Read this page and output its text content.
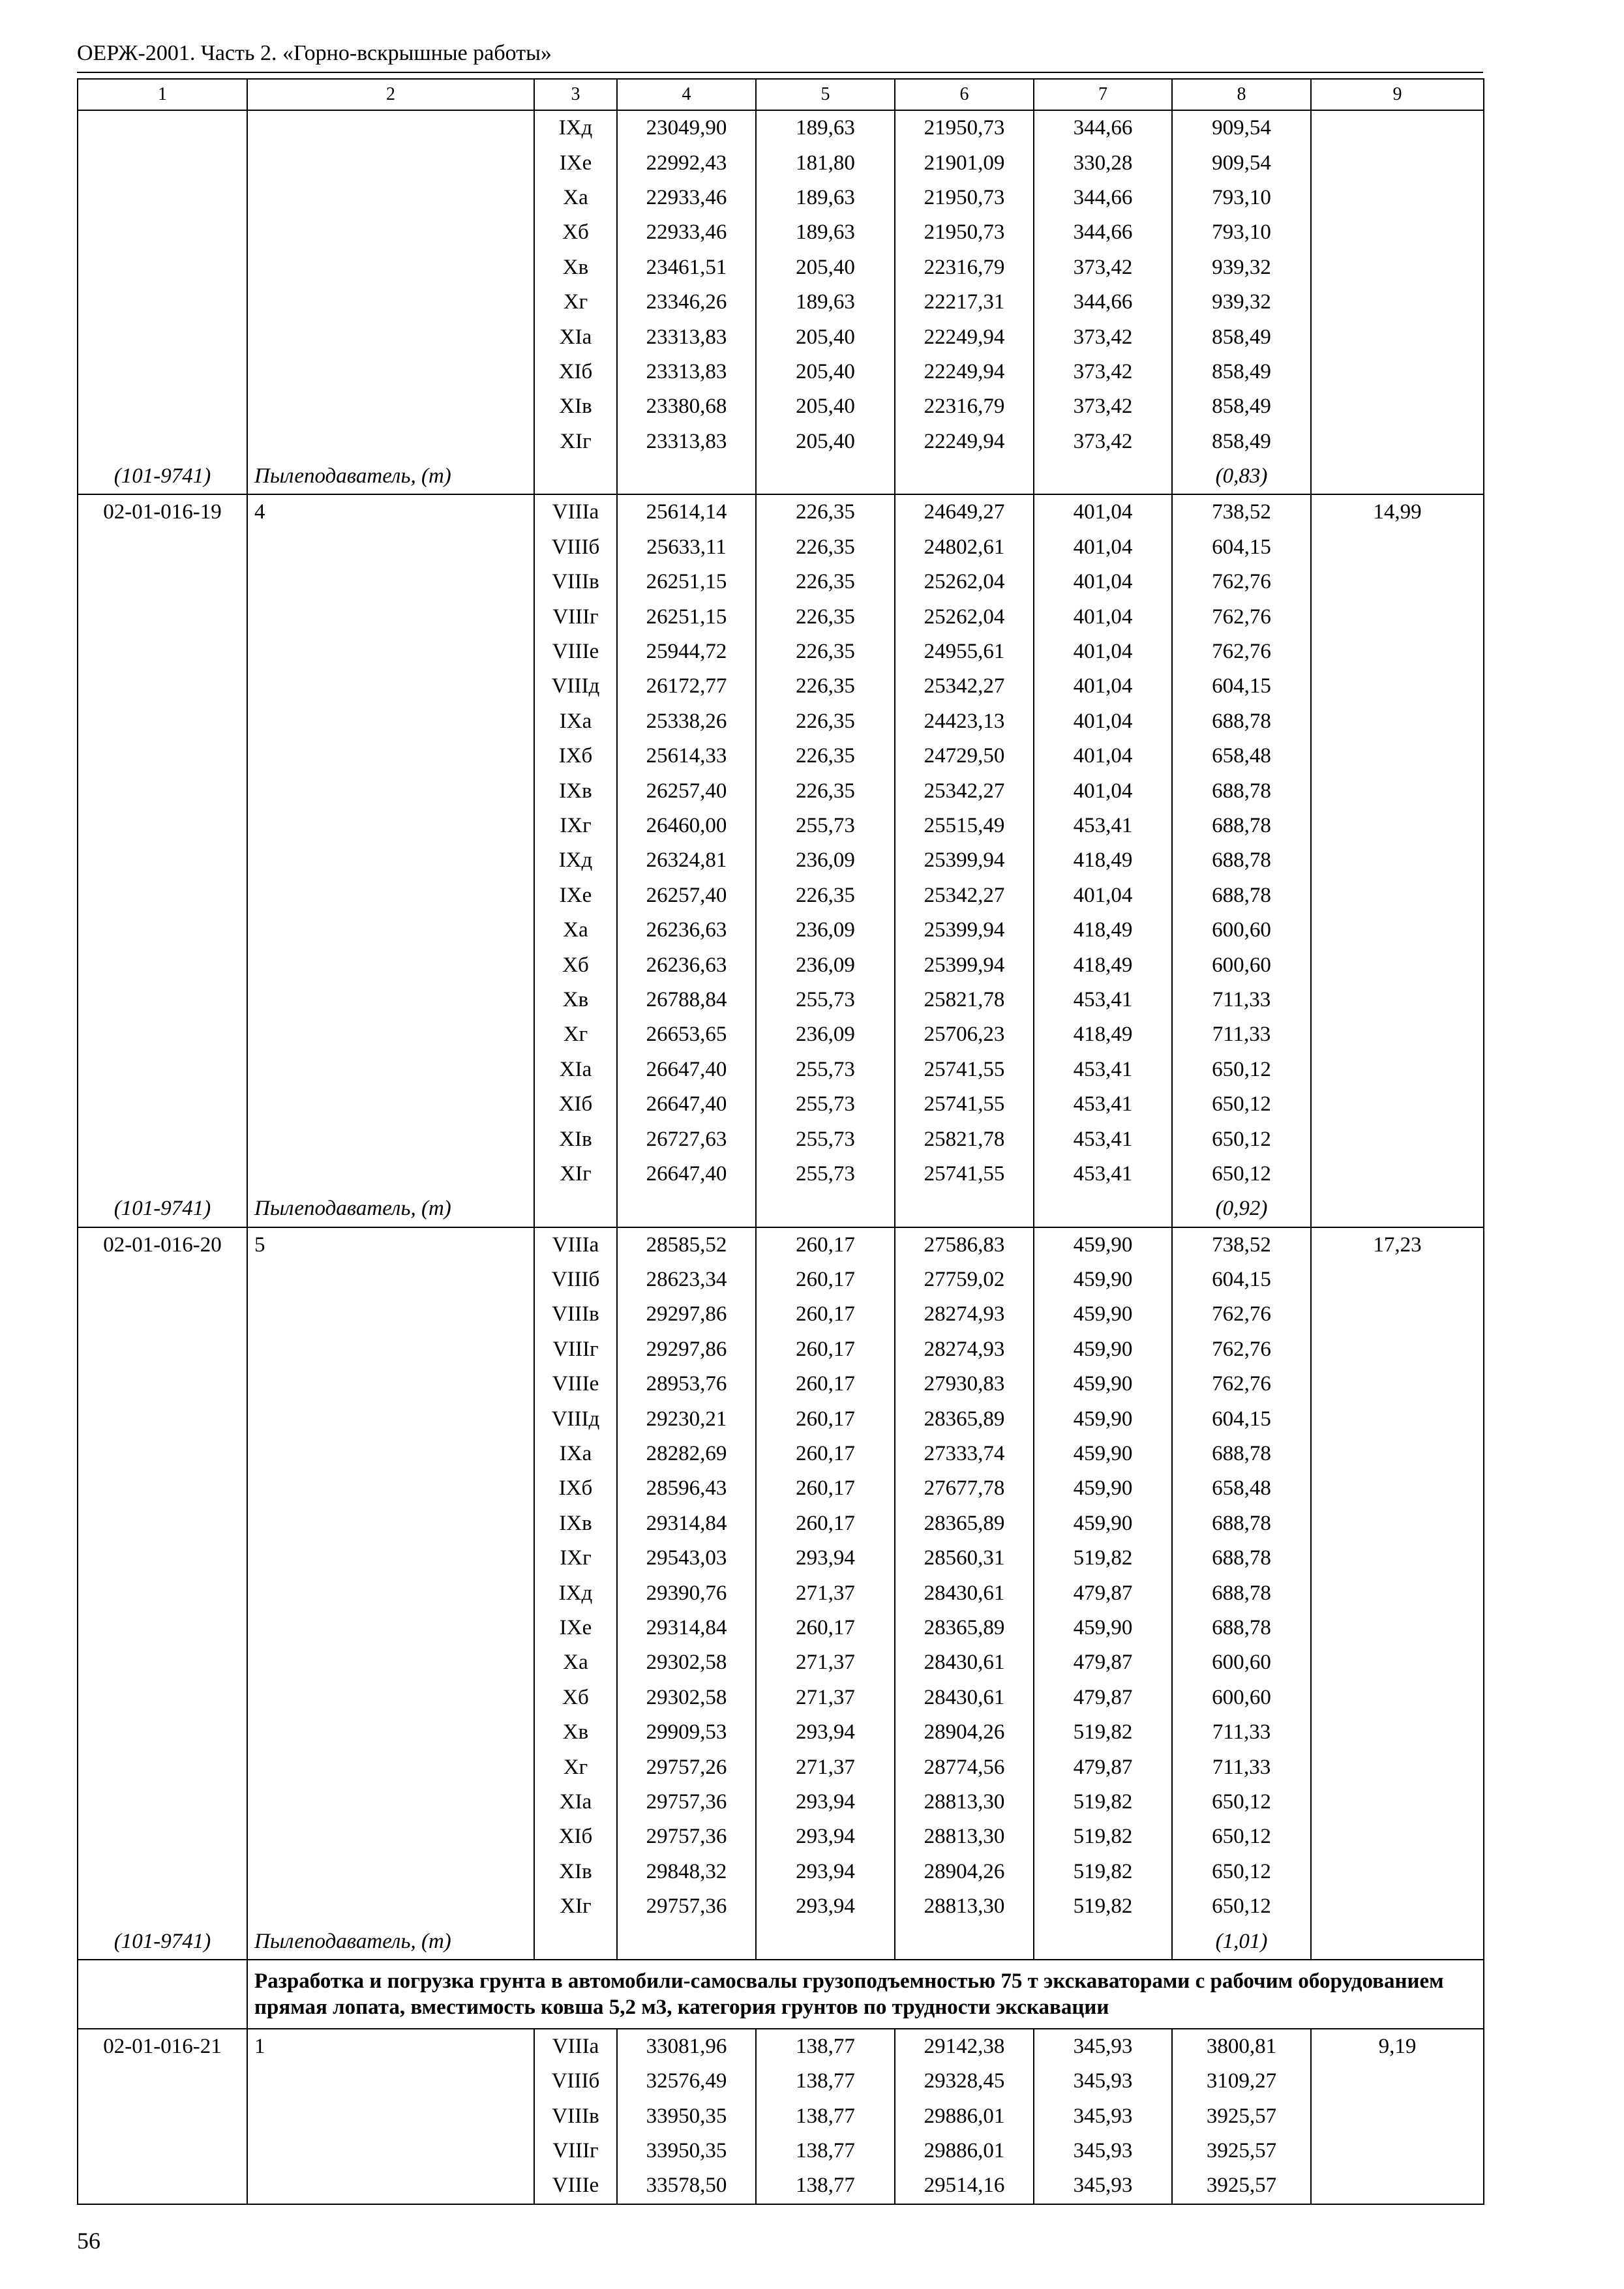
ОЕРЖ-2001. Часть 2. «Горно-вскрышные работы»
1	2	3	4	5	6	7	8	9
		IXд	23049,90	189,63	21950,73	344,66	909,54	
		IXе	22992,43	181,80	21901,09	330,28	909,54	
		Xа	22933,46	189,63	21950,73	344,66	793,10	
		Xб	22933,46	189,63	21950,73	344,66	793,10	
		Xв	23461,51	205,40	22316,79	373,42	939,32	
		Xг	23346,26	189,63	22217,31	344,66	939,32	
		XIа	23313,83	205,40	22249,94	373,42	858,49	
		XIб	23313,83	205,40	22249,94	373,42	858,49	
		XIв	23380,68	205,40	22316,79	373,42	858,49	
		XIг	23313,83	205,40	22249,94	373,42	858,49	
(101-9741)	Пылеподаватель, (т)						(0,83)	
02-01-016-19	4	VIIIа	25614,14	226,35	24649,27	401,04	738,52	14,99
		VIIIб	25633,11	226,35	24802,61	401,04	604,15	
		VIIIв	26251,15	226,35	25262,04	401,04	762,76	
		VIIIг	26251,15	226,35	25262,04	401,04	762,76	
		VIIIе	25944,72	226,35	24955,61	401,04	762,76	
		VIIIд	26172,77	226,35	25342,27	401,04	604,15	
		IXа	25338,26	226,35	24423,13	401,04	688,78	
		IXб	25614,33	226,35	24729,50	401,04	658,48	
		IXв	26257,40	226,35	25342,27	401,04	688,78	
		IXг	26460,00	255,73	25515,49	453,41	688,78	
		IXд	26324,81	236,09	25399,94	418,49	688,78	
		IXе	26257,40	226,35	25342,27	401,04	688,78	
		Xа	26236,63	236,09	25399,94	418,49	600,60	
		Xб	26236,63	236,09	25399,94	418,49	600,60	
		Xв	26788,84	255,73	25821,78	453,41	711,33	
		Xг	26653,65	236,09	25706,23	418,49	711,33	
		XIа	26647,40	255,73	25741,55	453,41	650,12	
		XIб	26647,40	255,73	25741,55	453,41	650,12	
		XIв	26727,63	255,73	25821,78	453,41	650,12	
		XIг	26647,40	255,73	25741,55	453,41	650,12	
(101-9741)	Пылеподаватель, (т)						(0,92)	
02-01-016-20	5	VIIIа	28585,52	260,17	27586,83	459,90	738,52	17,23
		VIIIб	28623,34	260,17	27759,02	459,90	604,15	
		VIIIв	29297,86	260,17	28274,93	459,90	762,76	
		VIIIг	29297,86	260,17	28274,93	459,90	762,76	
		VIIIе	28953,76	260,17	27930,83	459,90	762,76	
		VIIIд	29230,21	260,17	28365,89	459,90	604,15	
		IXа	28282,69	260,17	27333,74	459,90	688,78	
		IXб	28596,43	260,17	27677,78	459,90	658,48	
		IXв	29314,84	260,17	28365,89	459,90	688,78	
		IXг	29543,03	293,94	28560,31	519,82	688,78	
		IXд	29390,76	271,37	28430,61	479,87	688,78	
		IXе	29314,84	260,17	28365,89	459,90	688,78	
		Xа	29302,58	271,37	28430,61	479,87	600,60	
		Xб	29302,58	271,37	28430,61	479,87	600,60	
		Xв	29909,53	293,94	28904,26	519,82	711,33	
		Xг	29757,26	271,37	28774,56	479,87	711,33	
		XIа	29757,36	293,94	28813,30	519,82	650,12	
		XIб	29757,36	293,94	28813,30	519,82	650,12	
		XIв	29848,32	293,94	28904,26	519,82	650,12	
		XIг	29757,36	293,94	28813,30	519,82	650,12	
(101-9741)	Пылеподаватель, (т)						(1,01)	
	Разработка и погрузка грунта в автомобили-самосвалы грузоподъемностью 75 т экскаваторами с рабочим оборудованием прямая лопата, вместимость ковша 5,2 м3, категория грунтов по трудности экскавации							
02-01-016-21	1	VIIIа	33081,96	138,77	29142,38	345,93	3800,81	9,19
		VIIIб	32576,49	138,77	29328,45	345,93	3109,27	
		VIIIв	33950,35	138,77	29886,01	345,93	3925,57	
		VIIIг	33950,35	138,77	29886,01	345,93	3925,57	
		VIIIе	33578,50	138,77	29514,16	345,93	3925,57	
56
